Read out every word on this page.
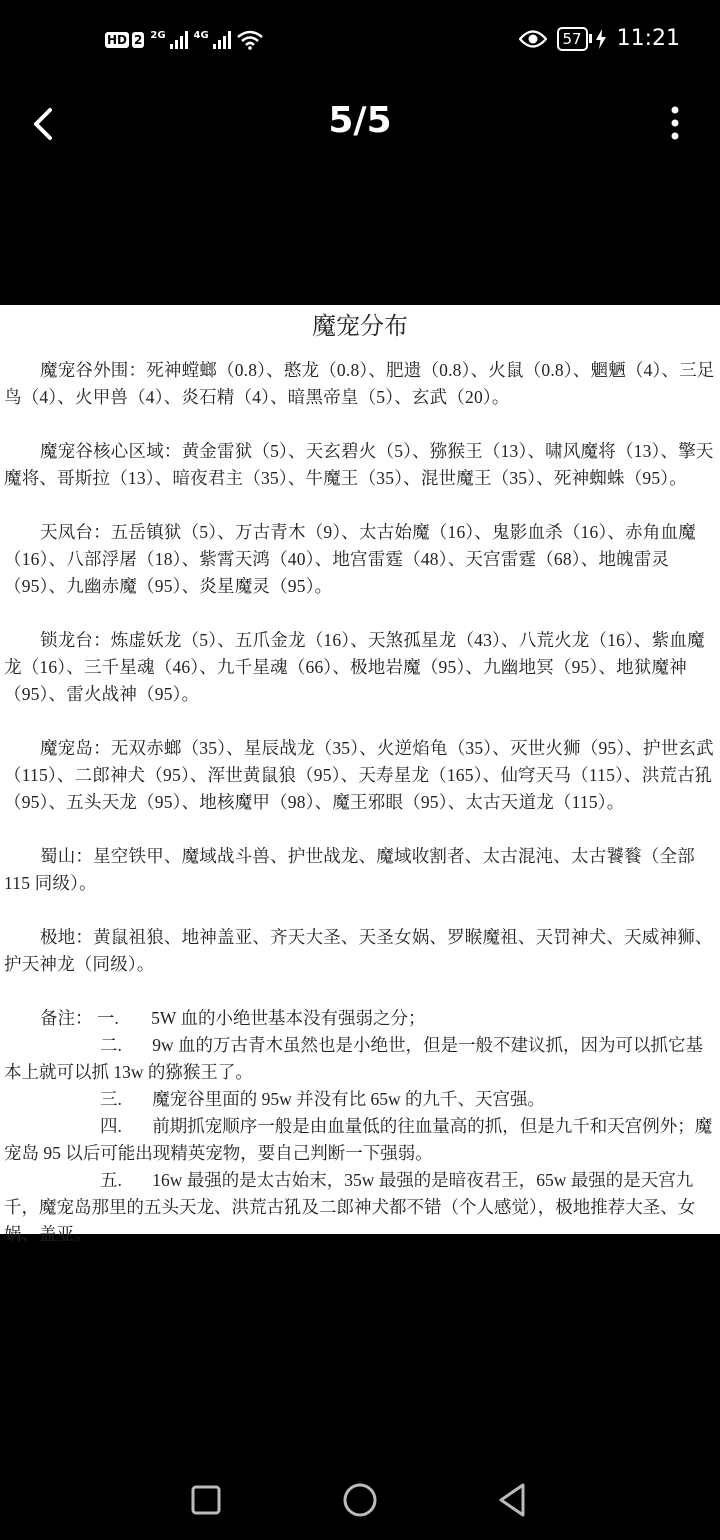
HD 2 2G	4G	57 11:21
5/5
魔宠分布

魔宠谷外围：死神螳螂（0.8）、憨龙（0.8）、肥遗（0.8）、火鼠（0.8）、魍魉（4）、三足鸟（4）、火甲兽（4）、炎石精（4）、暗黑帝皇（5）、玄武（20）。

魔宠谷核心区域：黄金雷狱（5）、天玄碧火（5）、猕猴王（13）、啸风魔将（13）、擎天魔将、哥斯拉（13）、暗夜君主（35）、牛魔王（35）、混世魔王（35）、死神蜘蛛（95）。

天凤台：五岳镇狱（5）、万古青木（9）、太古始魔（16）、鬼影血杀（16）、赤角血魔（16）、八部浮屠（18）、紫霄天鸿（40）、地宫雷霆（48）、天宫雷霆（68）、地魄雷灵（95）、九幽赤魔（95）、炎星魔灵（95）。

锁龙台：炼虚妖龙（5）、五爪金龙（16）、天煞孤星龙（43）、八荒火龙（16）、紫血魔龙（16）、三千星魂（46）、九千星魂（66）、极地岩魔（95）、九幽地冥（95）、地狱魔神（95）、雷火战神（95）。

魔宠岛：无双赤螂（35）、星辰战龙（35）、火逆焰龟（35）、灭世火狮（95）、护世玄武（115）、二郎神犬（95）、浑世黄鼠狼（95）、天寿星龙（165）、仙穹天马（115）、洪荒古犼（95）、五头天龙（95）、地核魔甲（98）、魔王邪眼（95）、太古天道龙（115）。

蜀山：星空铁甲、魔域战斗兽、护世战龙、魔域收割者、太古混沌、太古饕餮（全部 115 同级）。

极地：黄鼠祖狼、地神盖亚、齐天大圣、天圣女娲、罗睺魔祖、天罚神犬、天威神狮、护天神龙（同级）。

备注： 一. 5W 血的小绝世基本没有强弱之分；
二. 9w 血的万古青木虽然也是小绝世，但是一般不建议抓，因为可以抓它基本上就可以抓 13w 的猕猴王了。
三. 魔宠谷里面的 95w 并没有比 65w 的九千、天宫强。
四. 前期抓宠顺序一般是由血量低的往血量高的抓，但是九千和天宫例外；魔宠岛 95 以后可能出现精英宠物，要自己判断一下强弱。
五. 16w 最强的是太古始末，35w 最强的是暗夜君王，65w 最强的是天宫九千，魔宠岛那里的五头天龙、洪荒古犼及二郎神犬都不错（个人感觉），极地推荐大圣、女娲、盖亚。
